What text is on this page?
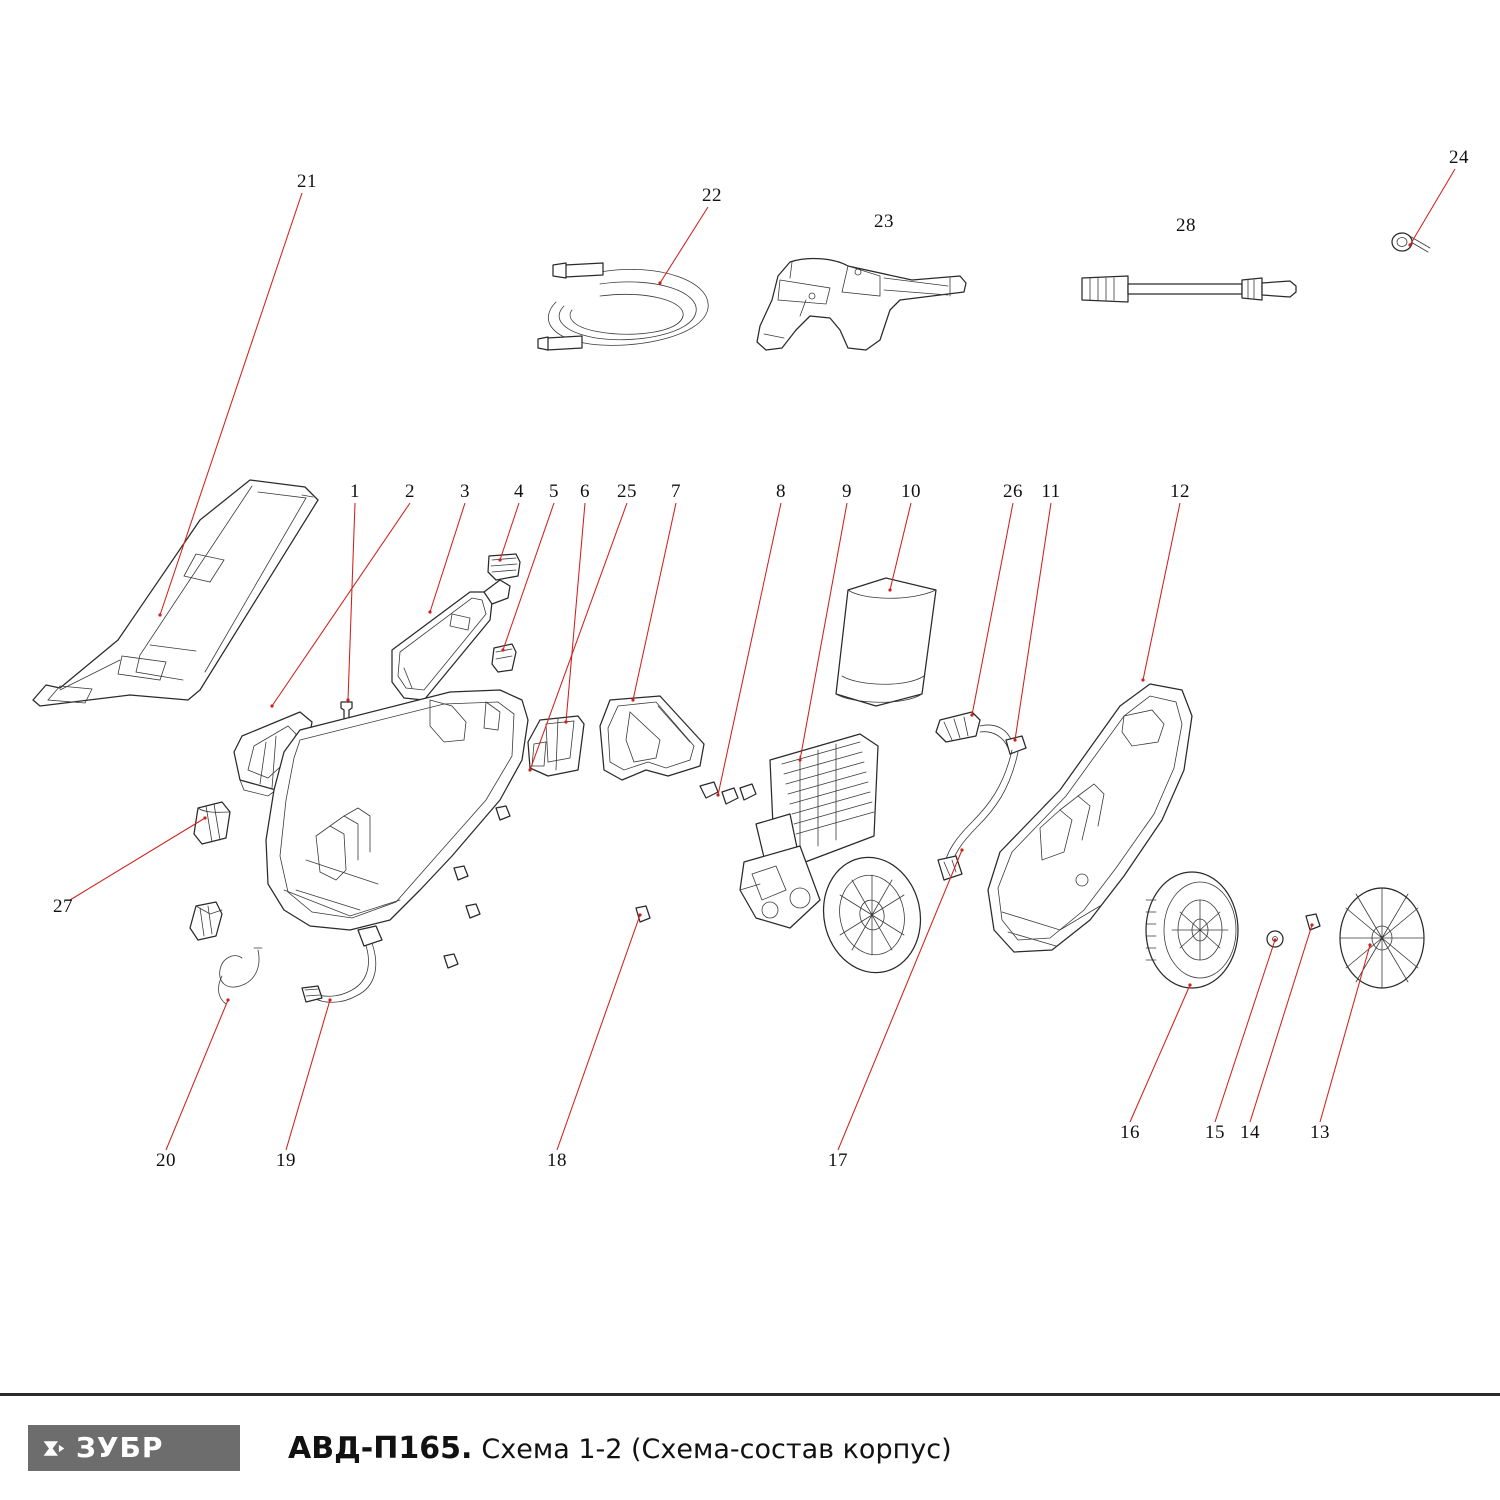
1 2 3 4 5 6 25 7	8	9	10	26 11	12
13
14
15
16
17
18
19
20
21
22
23
24
27
28
ЗУБР	АВД-П165. Схема 1-2 (Схема-состав корпус)
